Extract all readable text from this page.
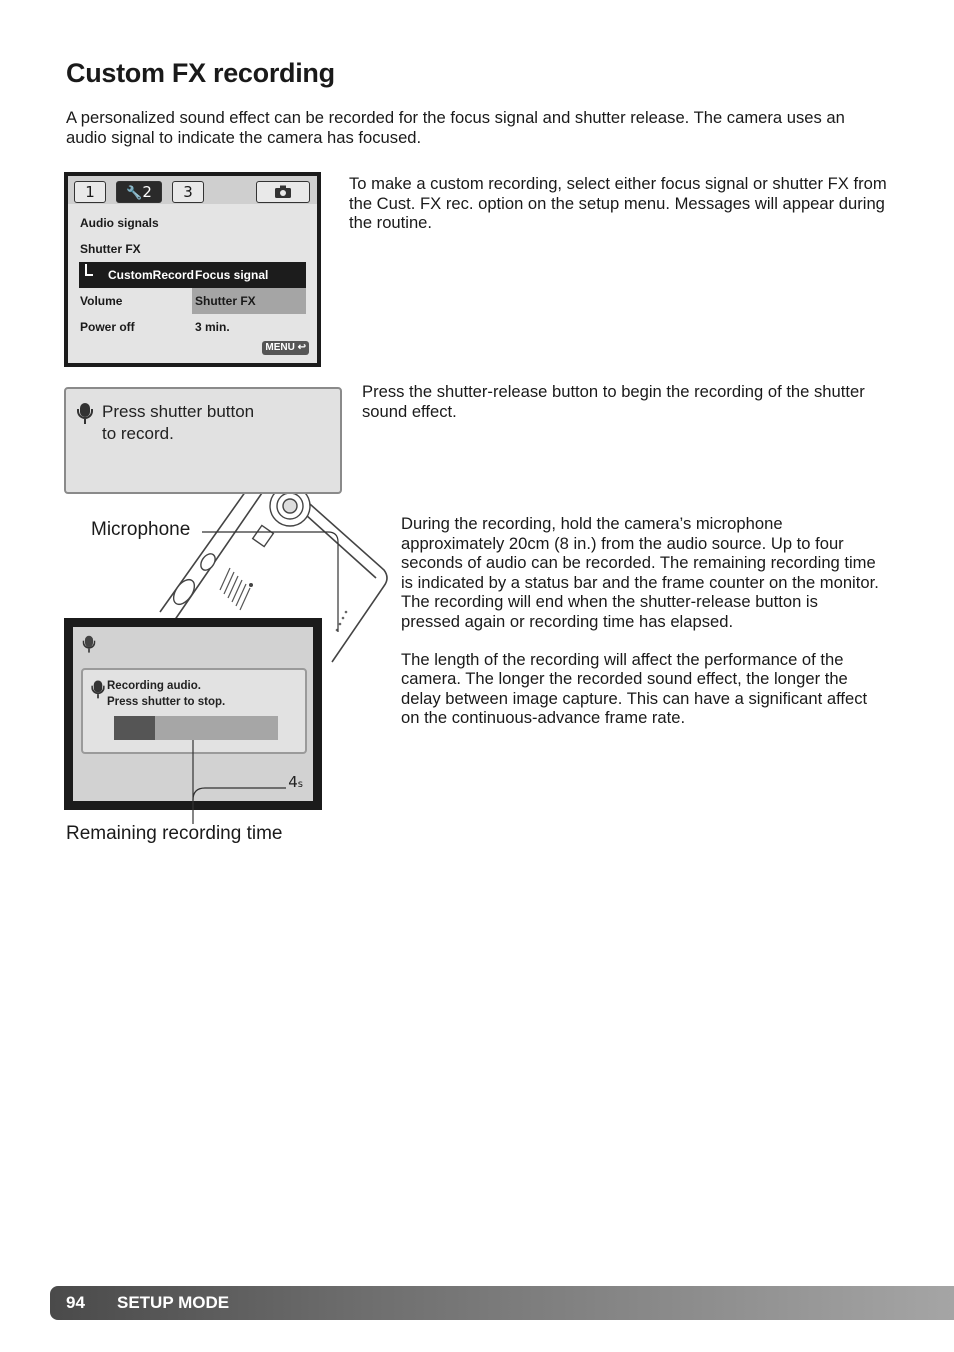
Custom FX recording

A personalized sound effect can be recorded for the focus signal and shutter release. The camera uses an audio signal to indicate the camera has focused.

1	🔧2	3
Audio signals
Shutter FX
CustomRecord Focus signal
Volume	Shutter FX
Power off	3 min.
MENU ↩

To make a custom recording, select either focus signal or shutter FX from the Cust. FX rec. option on the setup menu. Messages will appear during the routine.

Press the shutter-release button to begin the recording of the shutter sound effect.

Press shutter button
to record.
Microphone	During the recording, hold the camera’s microphone approximately 20cm (8 in.) from the audio source. Up to four seconds of audio can be recorded. The remaining recording time is indicated by a status bar and the frame counter on the monitor. The recording will end when the shutter-release button is pressed again or recording time has elapsed.

The length of the recording will affect the performance of the camera. The longer the recorded sound effect, the longer the delay between image capture. This can have a significant affect on the continuous-advance frame rate.

Recording audio.
Press shutter to stop.
4s
Remaining recording time
94 SETUP MODE
